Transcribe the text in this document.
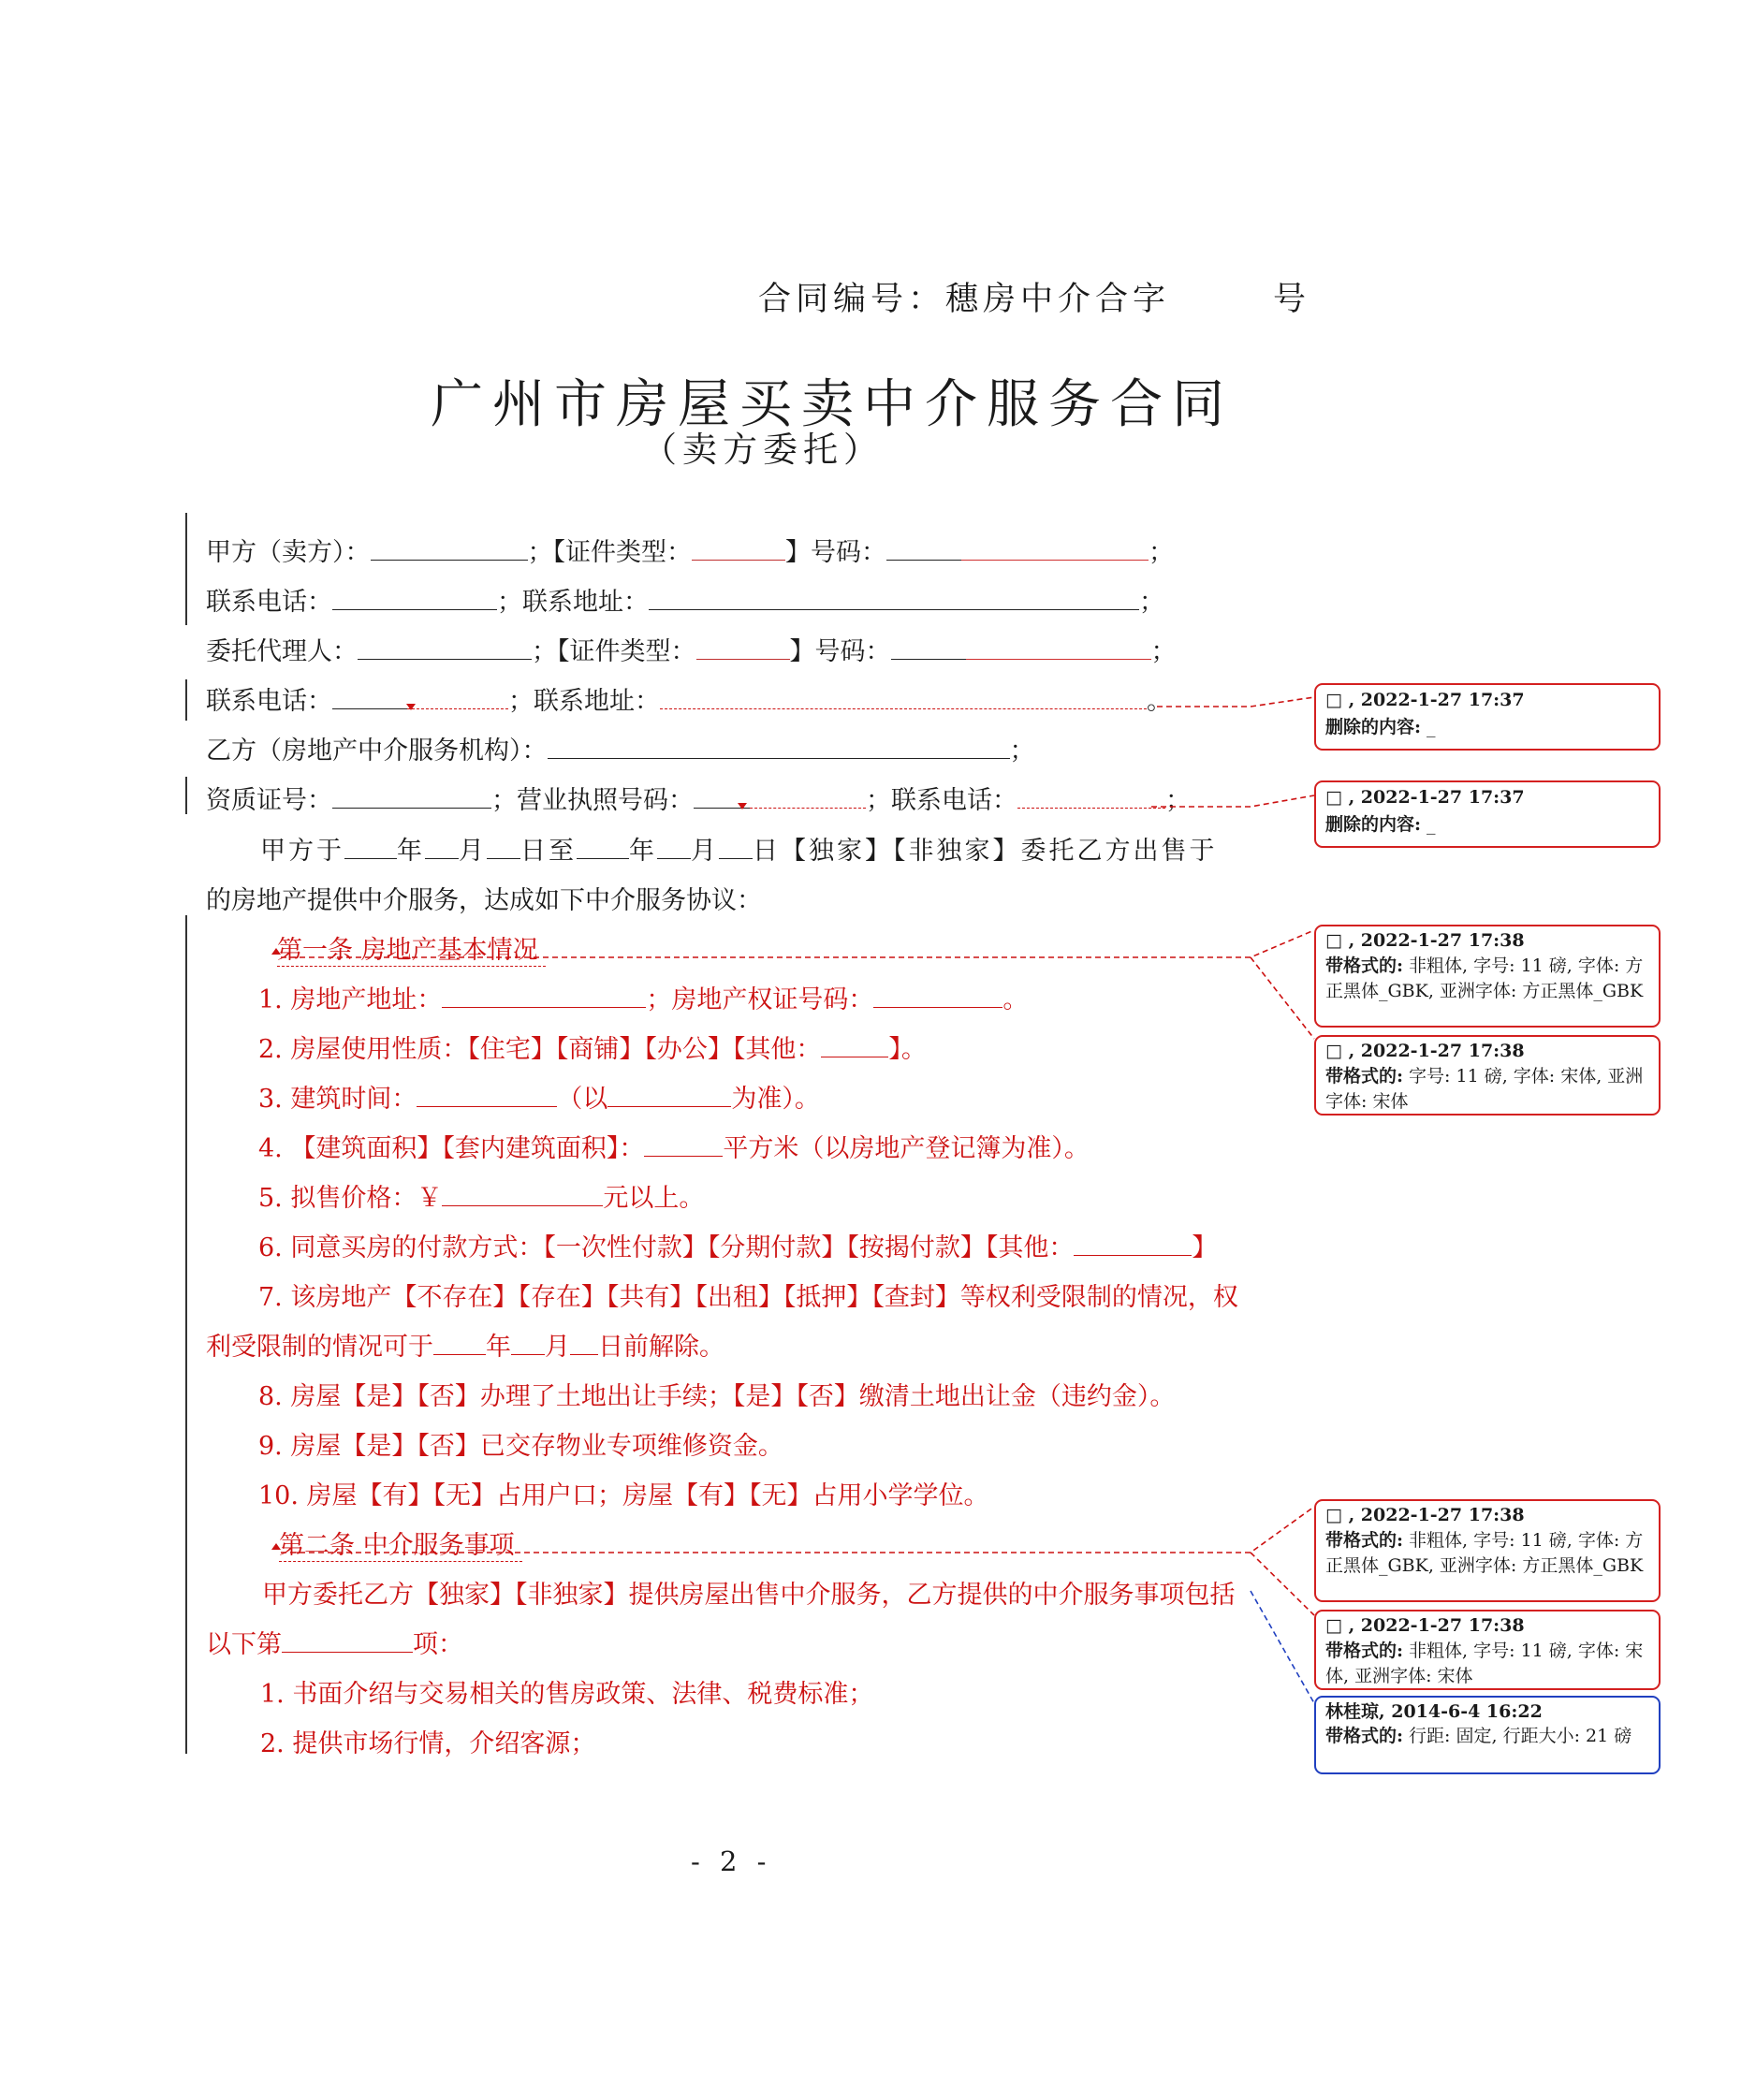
合同编号：穗房中介合字	号
广州市房屋买卖中介服务合同
（卖方委托）
甲方（卖方）：	；【证件类型：	】号码：	；
联系电话：	；联系地址：	；
委托代理人：	；【证件类型：	】号码：	；
联系电话：	；联系地址：	。
乙方（房地产中介服务机构）：	；
资质证号：	；营业执照号码：	；联系电话：	；
甲方于 年 月 日至 年 月 日【独家】【非独家】委托乙方出售于
的房地产提供中介服务，达成如下中介服务协议：
第一条 房地产基本情况
1. 房地产地址：	；房地产权证号码：	。
2. 房屋使用性质：【住宅】【商铺】【办公】【其他：	】。
3. 建筑时间：	（以	为准）。
4. 【建筑面积】【套内建筑面积】：	平方米（以房地产登记簿为准）。
5. 拟售价格：￥	元以上。
6. 同意买房的付款方式：【一次性付款】【分期付款】【按揭付款】【其他：	】
7. 该房地产【不存在】【存在】【共有】【出租】【抵押】【查封】等权利受限制的情况，权
利受限制的情况可于 年 月 日前解除。
8. 房屋【是】【否】办理了土地出让手续；【是】【否】缴清土地出让金（违约金）。
9. 房屋【是】【否】已交存物业专项维修资金。
10. 房屋【有】【无】占用户口；房屋【有】【无】占用小学学位。
第二条 中介服务事项
甲方委托乙方【独家】【非独家】提供房屋出售中介服务，乙方提供的中介服务事项包括
以下第	项：
1. 书面介绍与交易相关的售房政策、法律、税费标准；
2. 提供市场行情，介绍客源；
□ , 2022-1-27 17:37
删除的内容: _
□ , 2022-1-27 17:37
删除的内容: _
□ , 2022-1-27 17:38
带格式的: 非粗体, 字号: 11 磅, 字体: 方正黑体_GBK, 亚洲字体: 方正黑体_GBK
□ , 2022-1-27 17:38
带格式的: 字号: 11 磅, 字体: 宋体, 亚洲字体: 宋体
□ , 2022-1-27 17:38
带格式的: 非粗体, 字号: 11 磅, 字体: 方正黑体_GBK, 亚洲字体: 方正黑体_GBK
□ , 2022-1-27 17:38
带格式的: 非粗体, 字号: 11 磅, 字体: 宋体, 亚洲字体: 宋体
林桂琼, 2014-6-4 16:22
带格式的: 行距: 固定, 行距大小: 21 磅
- 2 -
